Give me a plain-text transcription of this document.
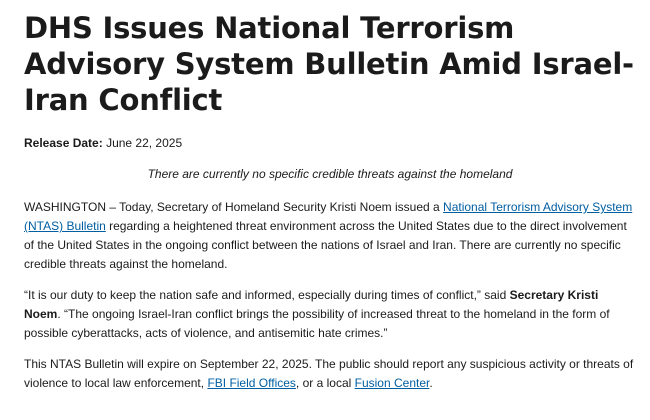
DHS Issues National Terrorism Advisory System Bulletin Amid Israel-Iran Conflict
Release Date: June 22, 2025
There are currently no specific credible threats against the homeland

WASHINGTON – Today, Secretary of Homeland Security Kristi Noem issued a National Terrorism Advisory System (NTAS) Bulletin regarding a heightened threat environment across the United States due to the direct involvement of the United States in the ongoing conflict between the nations of Israel and Iran. There are currently no specific credible threats against the homeland.

“It is our duty to keep the nation safe and informed, especially during times of conflict,” said Secretary Kristi Noem. “The ongoing Israel-Iran conflict brings the possibility of increased threat to the homeland in the form of possible cyberattacks, acts of violence, and antisemitic hate crimes.”

This NTAS Bulletin will expire on September 22, 2025. The public should report any suspicious activity or threats of violence to local law enforcement, FBI Field Offices, or a local Fusion Center.
